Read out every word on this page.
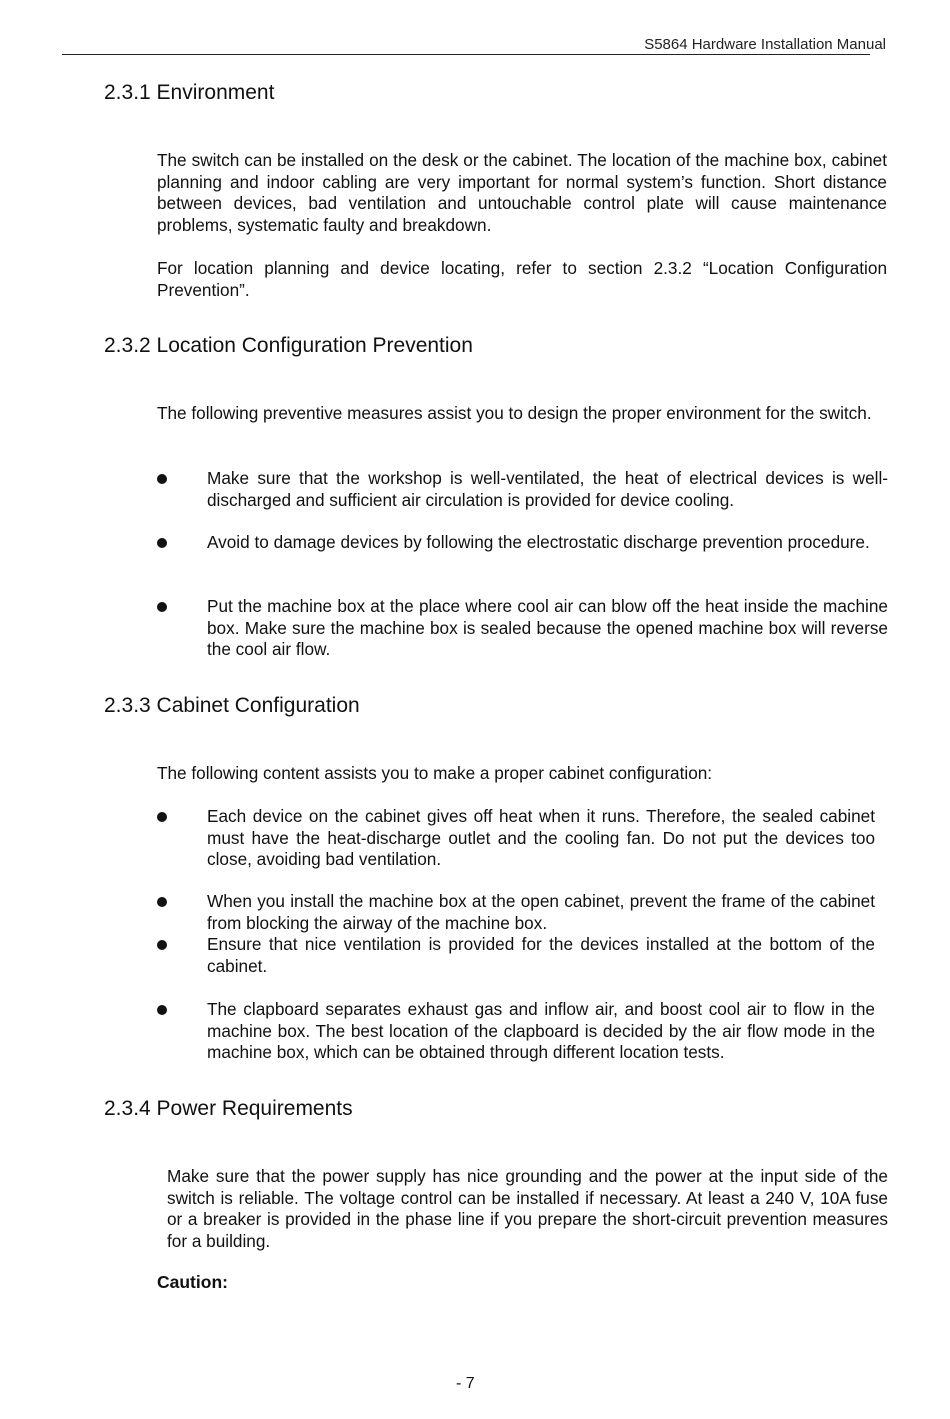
S5864 Hardware Installation Manual
2.3.1 Environment

The switch can be installed on the desk or the cabinet. The location of the machine box, cabinet planning and indoor cabling are very important for normal system’s function. Short distance between devices, bad ventilation and untouchable control plate will cause maintenance problems, systematic faulty and breakdown.

For location planning and device locating, refer to section 2.3.2 “Location Configuration Prevention”.

2.3.2 Location Configuration Prevention

The following preventive measures assist you to design the proper environment for the switch.

Make sure that the workshop is well-ventilated, the heat of electrical devices is well-discharged and sufficient air circulation is provided for device cooling.
Avoid to damage devices by following the electrostatic discharge prevention procedure.
Put the machine box at the place where cool air can blow off the heat inside the machine box. Make sure the machine box is sealed because the opened machine box will reverse the cool air flow.
2.3.3 Cabinet Configuration

The following content assists you to make a proper cabinet configuration:

Each device on the cabinet gives off heat when it runs. Therefore, the sealed cabinet must have the heat-discharge outlet and the cooling fan. Do not put the devices too close, avoiding bad ventilation.
When you install the machine box at the open cabinet, prevent the frame of the cabinet from blocking the airway of the machine box.
Ensure that nice ventilation is provided for the devices installed at the bottom of the cabinet.
The clapboard separates exhaust gas and inflow air, and boost cool air to flow in the machine box. The best location of the clapboard is decided by the air flow mode in the machine box, which can be obtained through different location tests.
2.3.4 Power Requirements

Make sure that the power supply has nice grounding and the power at the input side of the switch is reliable. The voltage control can be installed if necessary. At least a 240 V, 10A fuse or a breaker is provided in the phase line if you prepare the short-circuit prevention measures for a building.

Caution:
- 7
